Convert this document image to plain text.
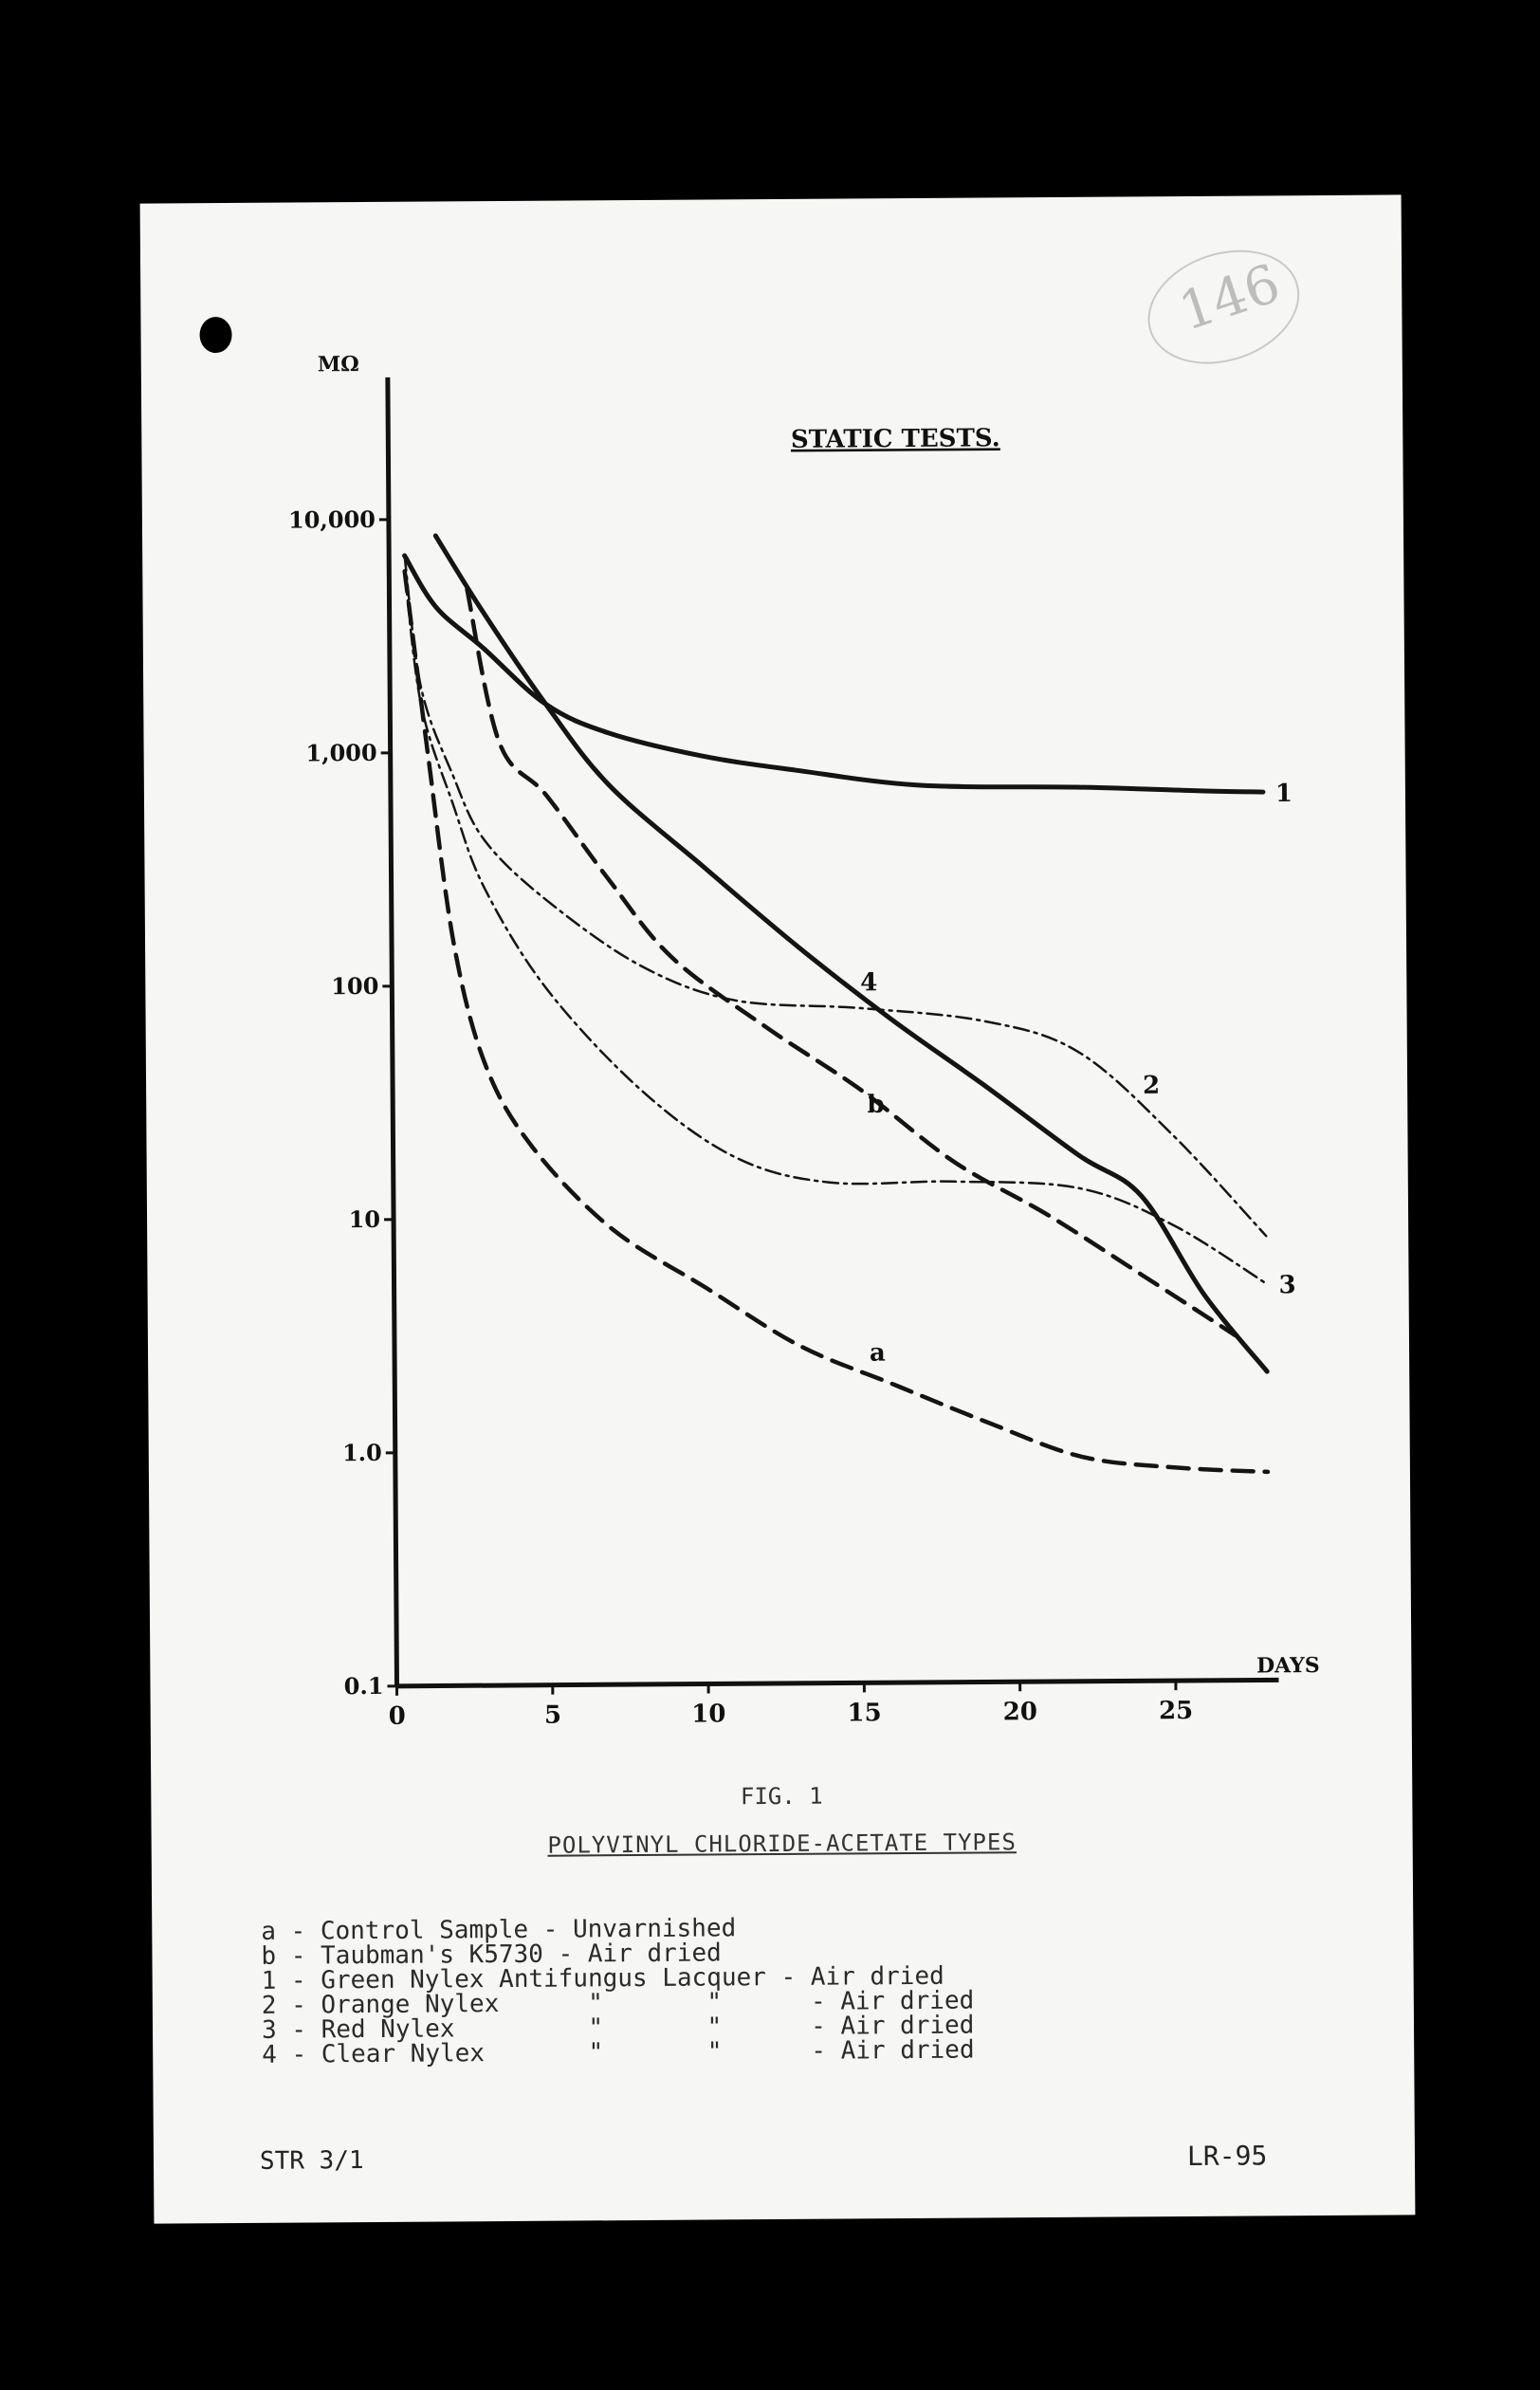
146
0.1
1.0
10
100
1,000
10,000
0	5	10	15	20	25
MΩ
DAYS
STATIC TESTS.
1
2
3
4
a
b
FIG. 1
POLYVINYL CHLORIDE-ACETATE TYPES
a - Control Sample - Unvarnished
b - Taubman's K5730 - Air dried
1 - Green Nylex Antifungus Lacquer - Air dried
2 - Orange Nylex      "       "      - Air dried
3 - Red Nylex         "       "      - Air dried
4 - Clear Nylex       "       "      - Air dried
STR 3/1	LR-95
